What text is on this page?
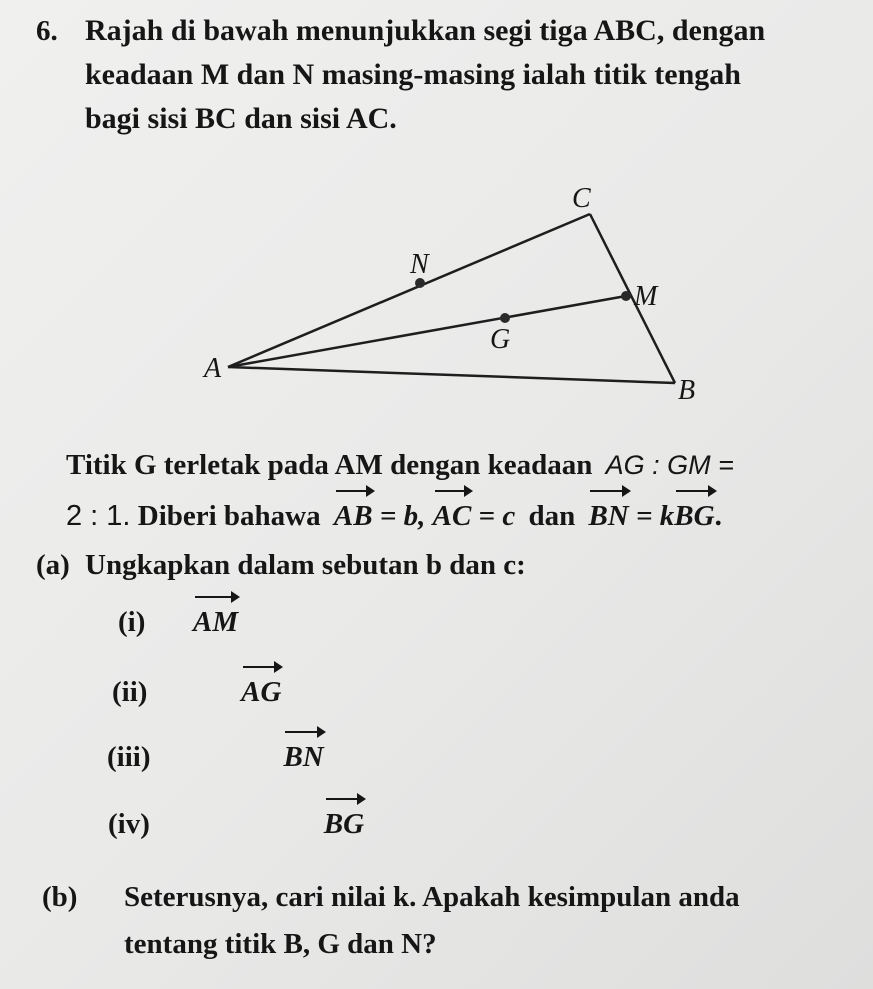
6. Rajah di bawah menunjukkan segi tiga ABC, dengan
keadaan M dan N masing-masing ialah titik tengah
bagi sisi BC dan sisi AC.
C
N
M
G
A
B
Titik G terletak pada AM dengan keadaan AG : GM =
2 : 1. Diberi bahawa AB = b, AC = c dan BN = kBG.
(a) Ungkapkan dalam sebutan b dan c:
(i) AM
(ii)	AG
(iii)	BN
(iv)	BG
(b) Seterusnya, cari nilai k. Apakah kesimpulan anda
tentang titik B, G dan N?
